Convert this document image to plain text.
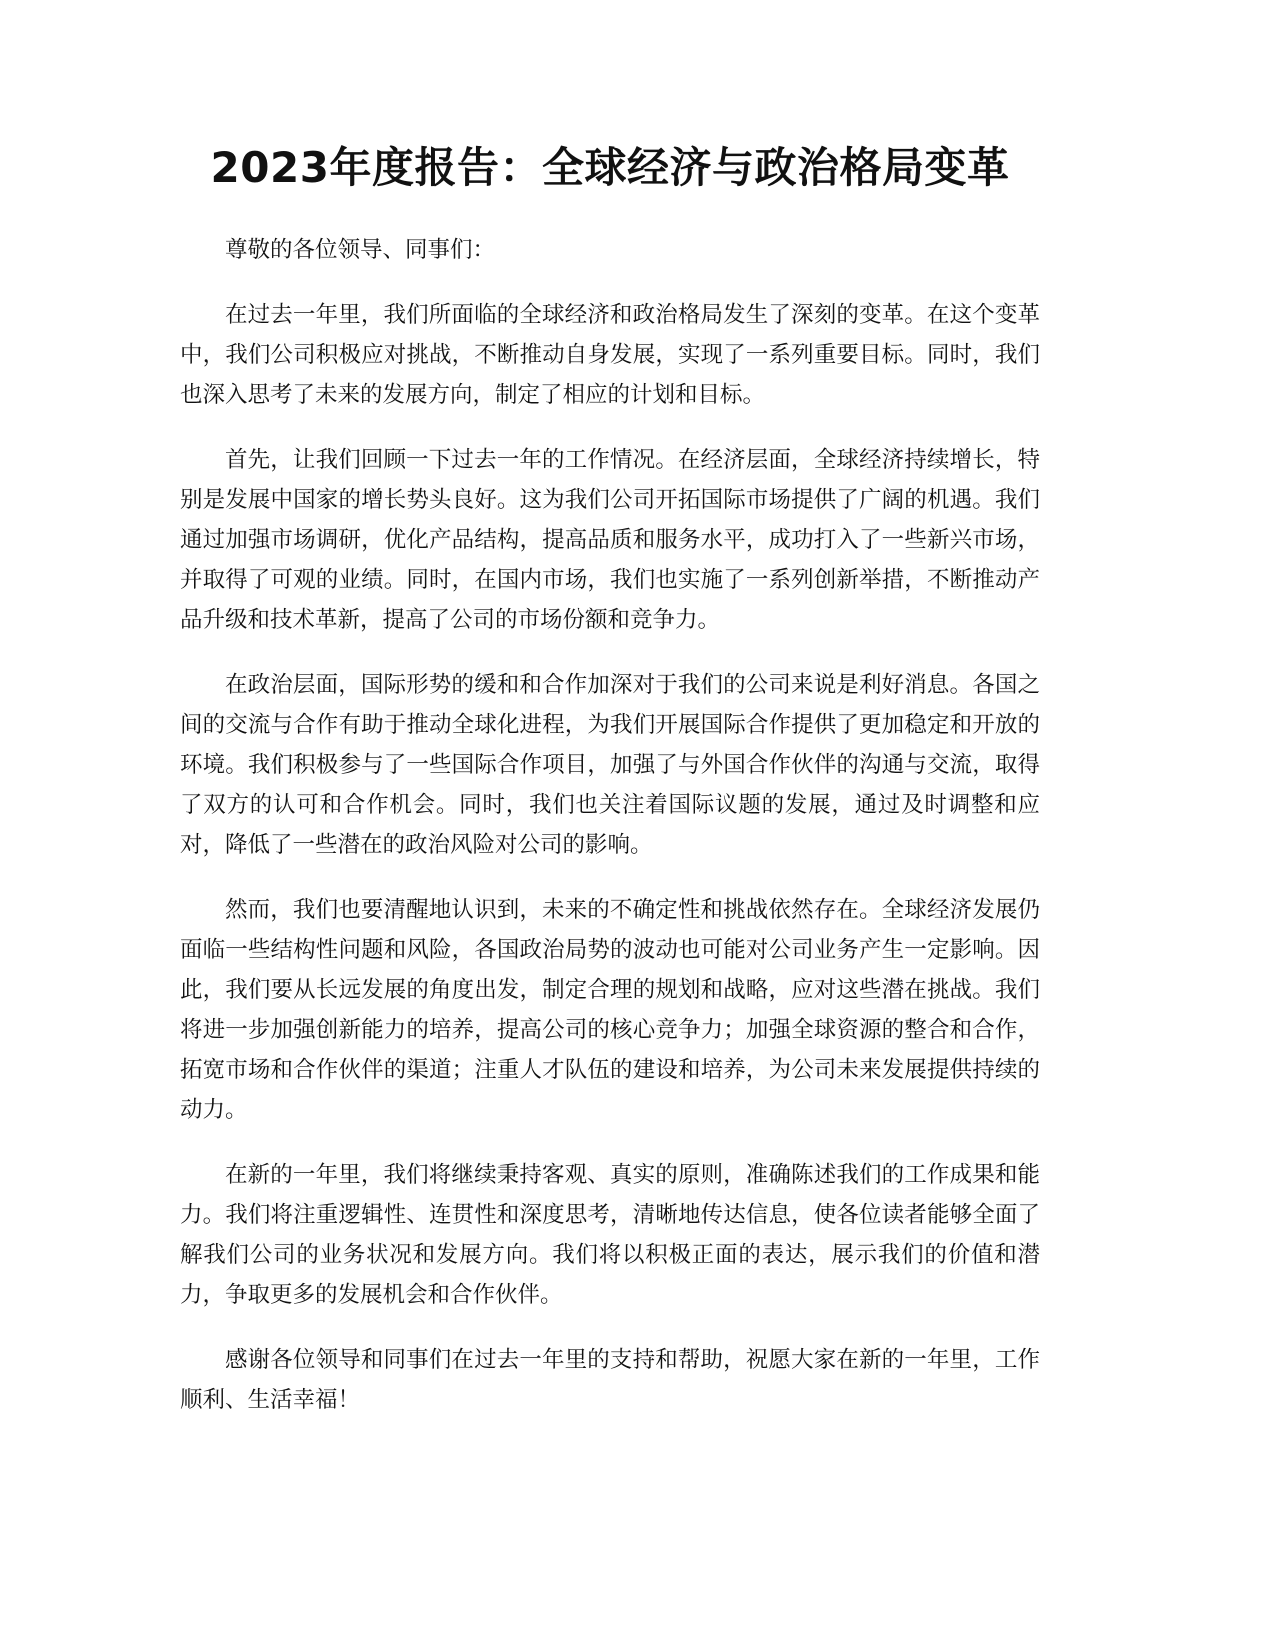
2023年度报告：全球经济与政治格局变革

尊敬的各位领导、同事们：

在过去一年里，我们所面临的全球经济和政治格局发生了深刻的变革。在这个变革中，我们公司积极应对挑战，不断推动自身发展，实现了一系列重要目标。同时，我们也深入思考了未来的发展方向，制定了相应的计划和目标。

首先，让我们回顾一下过去一年的工作情况。在经济层面，全球经济持续增长，特别是发展中国家的增长势头良好。这为我们公司开拓国际市场提供了广阔的机遇。我们通过加强市场调研，优化产品结构，提高品质和服务水平，成功打入了一些新兴市场，并取得了可观的业绩。同时，在国内市场，我们也实施了一系列创新举措，不断推动产品升级和技术革新，提高了公司的市场份额和竞争力。

在政治层面，国际形势的缓和和合作加深对于我们的公司来说是利好消息。各国之间的交流与合作有助于推动全球化进程，为我们开展国际合作提供了更加稳定和开放的环境。我们积极参与了一些国际合作项目，加强了与外国合作伙伴的沟通与交流，取得了双方的认可和合作机会。同时，我们也关注着国际议题的发展，通过及时调整和应对，降低了一些潜在的政治风险对公司的影响。

然而，我们也要清醒地认识到，未来的不确定性和挑战依然存在。全球经济发展仍面临一些结构性问题和风险，各国政治局势的波动也可能对公司业务产生一定影响。因此，我们要从长远发展的角度出发，制定合理的规划和战略，应对这些潜在挑战。我们将进一步加强创新能力的培养，提高公司的核心竞争力；加强全球资源的整合和合作，拓宽市场和合作伙伴的渠道；注重人才队伍的建设和培养，为公司未来发展提供持续的动力。

在新的一年里，我们将继续秉持客观、真实的原则，准确陈述我们的工作成果和能力。我们将注重逻辑性、连贯性和深度思考，清晰地传达信息，使各位读者能够全面了解我们公司的业务状况和发展方向。我们将以积极正面的表达，展示我们的价值和潜力，争取更多的发展机会和合作伙伴。

感谢各位领导和同事们在过去一年里的支持和帮助，祝愿大家在新的一年里，工作顺利、生活幸福！
